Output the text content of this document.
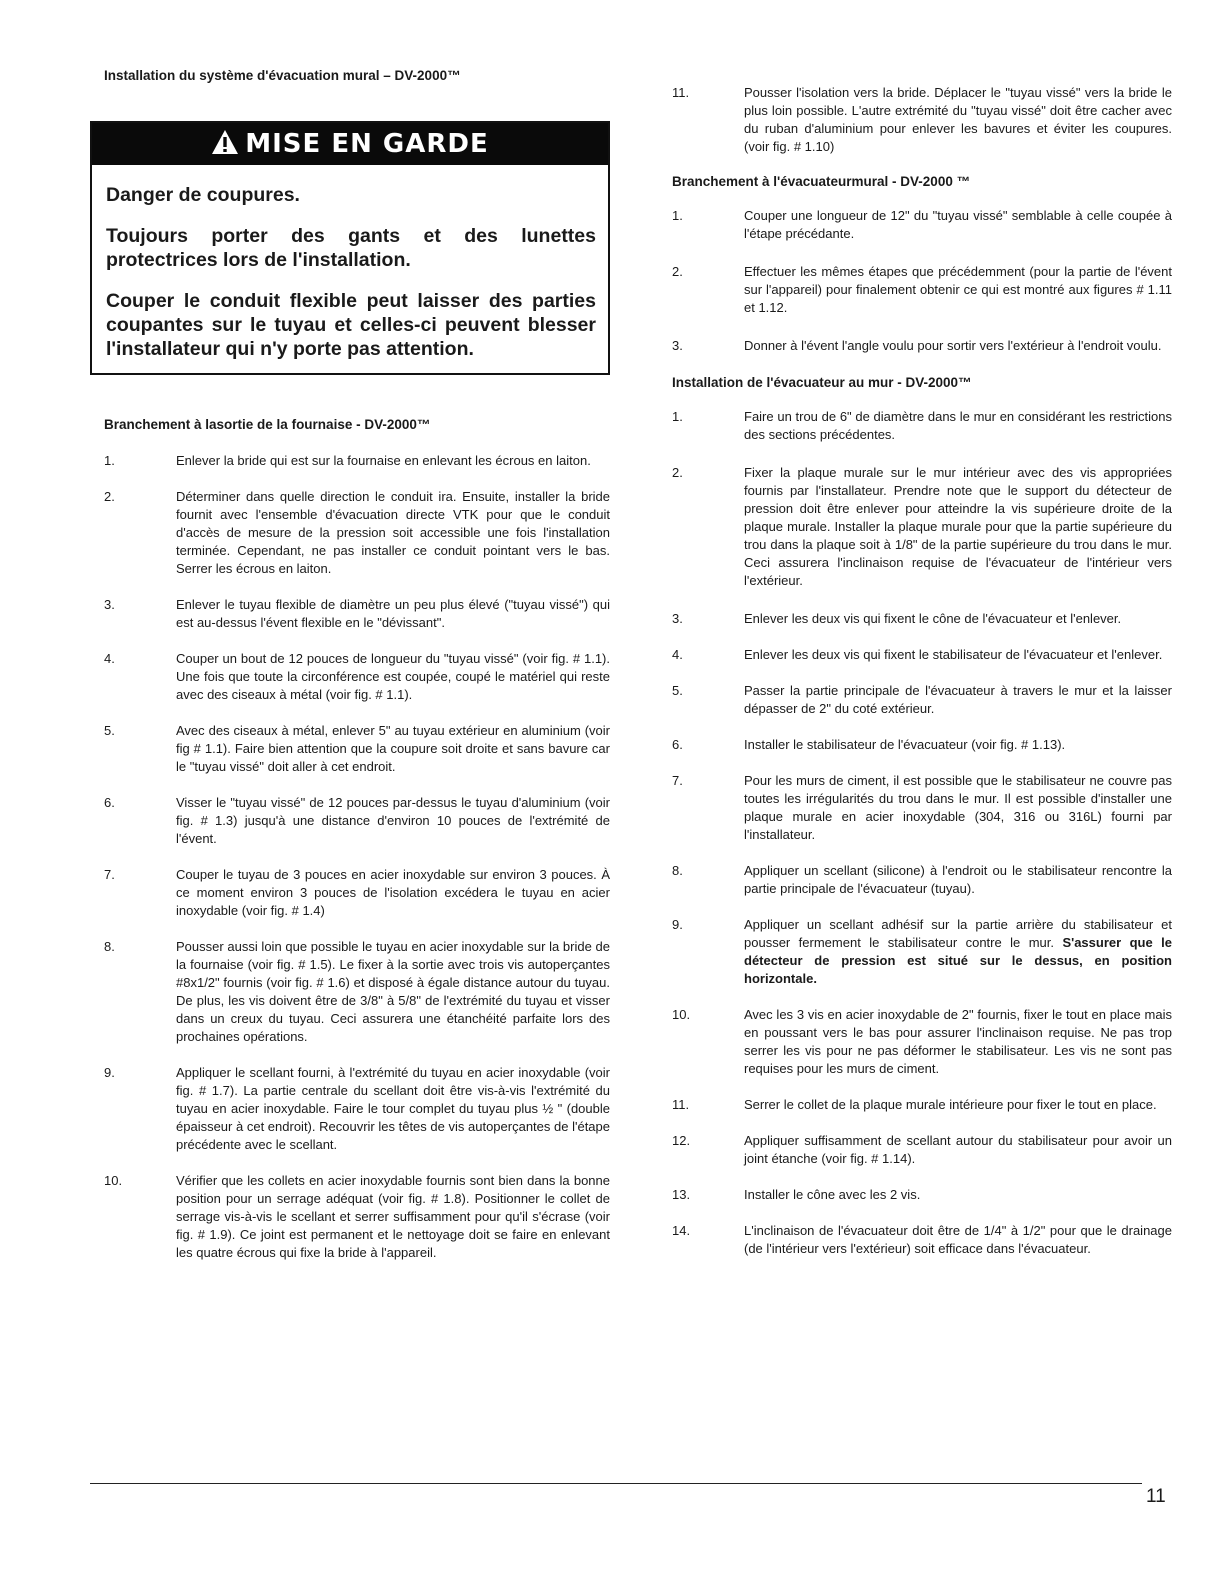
Installation du système d'évacuation mural – DV-2000™

MISE EN GARDE

Danger de coupures.

Toujours porter des gants et des lunettes protectrices lors de l'installation.

Couper le conduit flexible peut laisser des parties coupantes sur le tuyau et celles-ci peuvent blesser l'installateur qui n'y porte pas attention.

Branchement à lasortie de la fournaise - DV-2000™

1.	Enlever la bride qui est sur la fournaise en enlevant les écrous en laiton.
2.	Déterminer dans quelle direction le conduit ira. Ensuite, installer la bride fournit avec l'ensemble d'évacuation directe VTK pour que le conduit d'accès de mesure de la pression soit accessible une fois l'installation terminée. Cependant, ne pas installer ce conduit pointant vers le bas. Serrer les écrous en laiton.
3.	Enlever le tuyau flexible de diamètre un peu plus élevé ("tuyau vissé") qui est au-dessus l'évent flexible en le "dévissant".
4.	Couper un bout de 12 pouces de longueur du "tuyau vissé" (voir fig. # 1.1). Une fois que toute la circonférence est coupée, coupé le matériel qui reste avec des ciseaux à métal (voir fig. # 1.1).
5.	Avec des ciseaux à métal, enlever 5" au tuyau extérieur en aluminium (voir fig # 1.1). Faire bien attention que la coupure soit droite et sans bavure car le "tuyau vissé" doit aller à cet endroit.
6.	Visser le "tuyau vissé" de 12 pouces par-dessus le tuyau d'aluminium (voir fig. # 1.3) jusqu'à une distance d'environ 10 pouces de l'extrémité de l'évent.
7.	Couper le tuyau de 3 pouces en acier inoxydable sur environ 3 pouces. À ce moment environ 3 pouces de l'isolation excédera le tuyau en acier inoxydable (voir fig. # 1.4)
8.	Pousser aussi loin que possible le tuyau en acier inoxydable sur la bride de la fournaise (voir fig. # 1.5). Le fixer à la sortie avec trois vis autoperçantes #8x1/2" fournis (voir fig. # 1.6) et disposé à égale distance autour du tuyau. De plus, les vis doivent être de 3/8" à 5/8" de l'extrémité du tuyau et visser dans un creux du tuyau. Ceci assurera une étanchéité parfaite lors des prochaines opérations.
9.	Appliquer le scellant fourni, à l'extrémité du tuyau en acier inoxydable (voir fig. # 1.7). La partie centrale du scellant doit être vis-à-vis l'extrémité du tuyau en acier inoxydable. Faire le tour complet du tuyau plus ½ " (double épaisseur à cet endroit). Recouvrir les têtes de vis autoperçantes de l'étape précédente avec le scellant.
10.	Vérifier que les collets en acier inoxydable fournis sont bien dans la bonne position pour un serrage adéquat (voir fig. # 1.8). Positionner le collet de serrage vis-à-vis le scellant et serrer suffisamment pour qu'il s'écrase (voir fig. # 1.9). Ce joint est permanent et le nettoyage doit se faire en enlevant les quatre écrous qui fixe la bride à l'appareil.
11.	Pousser l'isolation vers la bride. Déplacer le "tuyau vissé" vers la bride le plus loin possible. L'autre extrémité du "tuyau vissé" doit être cacher avec du ruban d'aluminium pour enlever les bavures et éviter les coupures. (voir fig. # 1.10)

Branchement à l'évacuateurmural - DV-2000 ™

1.	Couper une longueur de 12" du "tuyau vissé" semblable à celle coupée à l'étape précédante.
2.	Effectuer les mêmes étapes que précédemment (pour la partie de l'évent sur l'appareil) pour finalement obtenir ce qui est montré aux figures # 1.11 et 1.12.
3.	Donner à l'évent l'angle voulu pour sortir vers l'extérieur à l'endroit voulu.

Installation de l'évacuateur au mur - DV-2000™

1.	Faire un trou de 6" de diamètre dans le mur en considérant les restrictions des sections précédentes.
2.	Fixer la plaque murale sur le mur intérieur avec des vis appropriées fournis par l'installateur. Prendre note que le support du détecteur de pression doit être enlever pour atteindre la vis supérieure droite de la plaque murale. Installer la plaque murale pour que la partie supérieure du trou dans la plaque soit à 1/8" de la partie supérieure du trou dans le mur. Ceci assurera l'inclinaison requise de l'évacuateur de l'intérieur vers l'extérieur.
3.	Enlever les deux vis qui fixent le cône de l'évacuateur et l'enlever.
4.	Enlever les deux vis qui fixent le stabilisateur de l'évacuateur et l'enlever.
5.	Passer la partie principale de l'évacuateur à travers le mur et la laisser dépasser de 2" du coté extérieur.
6.	Installer le stabilisateur de l'évacuateur (voir fig. # 1.13).
7.	Pour les murs de ciment, il est possible que le stabilisateur ne couvre pas toutes les irrégularités du trou dans le mur. Il est possible d'installer une plaque murale en acier inoxydable (304, 316 ou 316L) fourni par l'installateur.
8.	Appliquer un scellant (silicone) à l'endroit ou le stabilisateur rencontre la partie principale de l'évacuateur (tuyau).
9.	Appliquer un scellant adhésif sur la partie arrière du stabilisateur et pousser fermement le stabilisateur contre le mur. S'assurer que le détecteur de pression est situé sur le dessus, en position horizontale.
10.	Avec les 3 vis en acier inoxydable de 2" fournis, fixer le tout en place mais en poussant vers le bas pour assurer l'inclinaison requise. Ne pas trop serrer les vis pour ne pas déformer le stabilisateur. Les vis ne sont pas requises pour les murs de ciment.
11.	Serrer le collet de la plaque murale intérieure pour fixer le tout en place.
12.	Appliquer suffisamment de scellant autour du stabilisateur pour avoir un joint étanche (voir fig. # 1.14).
13.	Installer le cône avec les 2 vis.
14.	L'inclinaison de l'évacuateur doit être de 1/4" à 1/2" pour que le drainage (de l'intérieur vers l'extérieur) soit efficace dans l'évacuateur.
11
